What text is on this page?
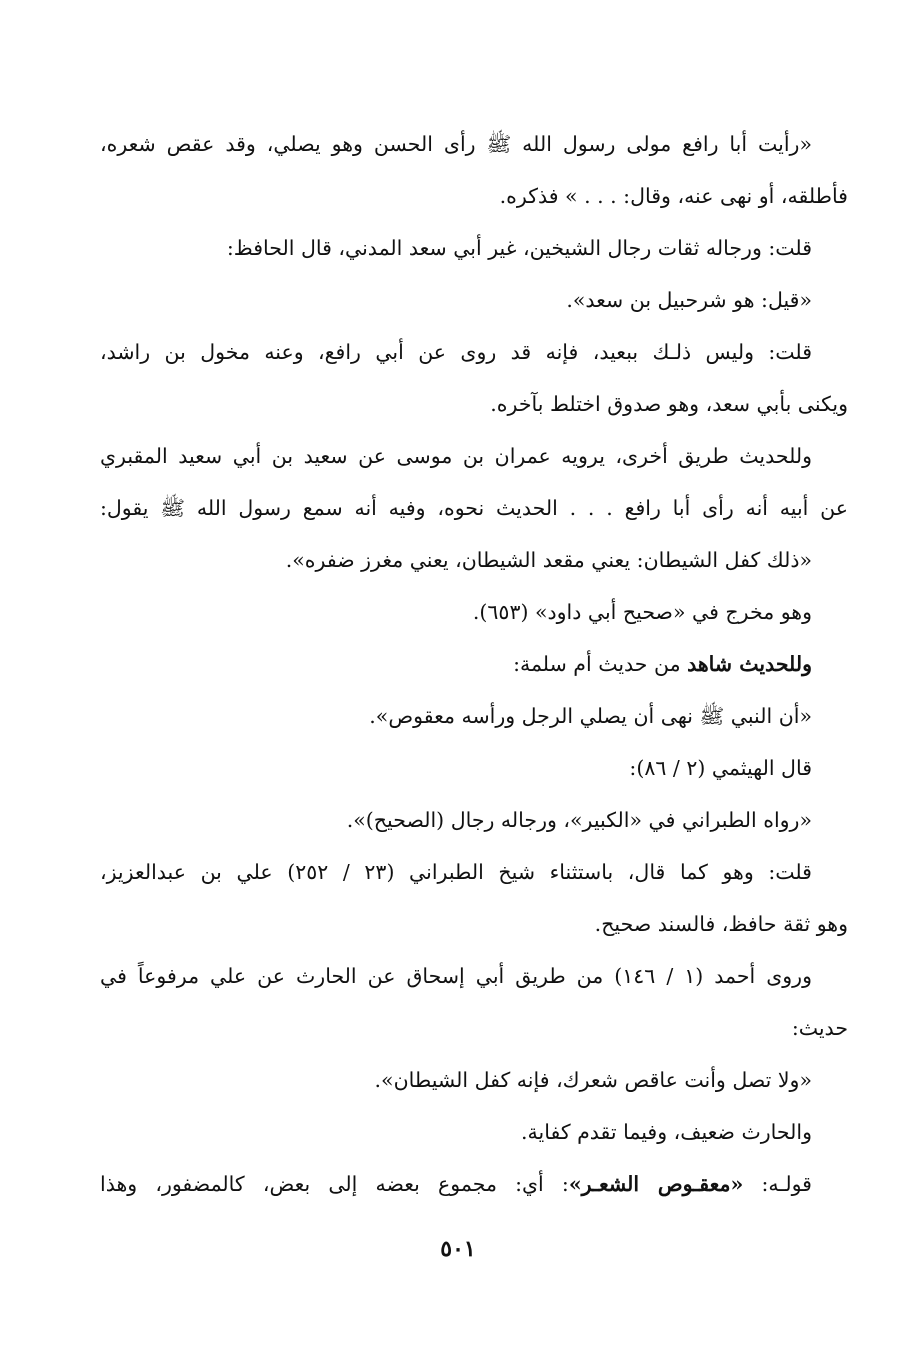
«رأيت أبا رافع مولى رسول الله ﷺ رأى الحسن وهو يصلي، وقد عقص شعره،
فأطلقه، أو نهى عنه، وقال: . . . » فذكره.
قلت: ورجاله ثقات رجال الشيخين، غير أبي سعد المدني، قال الحافظ:
«قيل: هو شرحبيل بن سعد».
قلت: وليس ذلـك ببعيد، فإنه قد روى عن أبي رافع، وعنه مخول بن راشد،
ويكنى بأبي سعد، وهو صدوق اختلط بآخره.
وللحديث طريق أخرى، يرويه عمران بن موسى عن سعيد بن أبي سعيد المقبري
عن أبيه أنه رأى أبا رافع . . . الحديث نحوه، وفيه أنه سمع رسول الله ﷺ يقول:
«ذلك كفل الشيطان: يعني مقعد الشيطان، يعني مغرز ضفره».
وهو مخرج في «صحيح أبي داود» (٦٥٣).
وللحديث شاهد من حديث أم سلمة:
«أن النبي ﷺ نهى أن يصلي الرجل ورأسه معقوص».
قال الهيثمي (٢ / ٨٦):
«رواه الطبراني في «الكبير»، ورجاله رجال (الصحيح)».
قلت: وهو كما قال، باستثناء شيخ الطبراني (٢٣ / ٢٥٢) علي بن عبدالعزيز،
وهو ثقة حافظ، فالسند صحيح.
وروى أحمد (١ / ١٤٦) من طريق أبي إسحاق عن الحارث عن علي مرفوعاً في
حديث:
«ولا تصل وأنت عاقص شعرك، فإنه كفل الشيطان».
والحارث ضعيف، وفيما تقدم كفاية.
قولـه: «معقـوص الشعـر»: أي: مجموع بعضه إلى بعض، كالمضفور، وهذا
٥٠١
